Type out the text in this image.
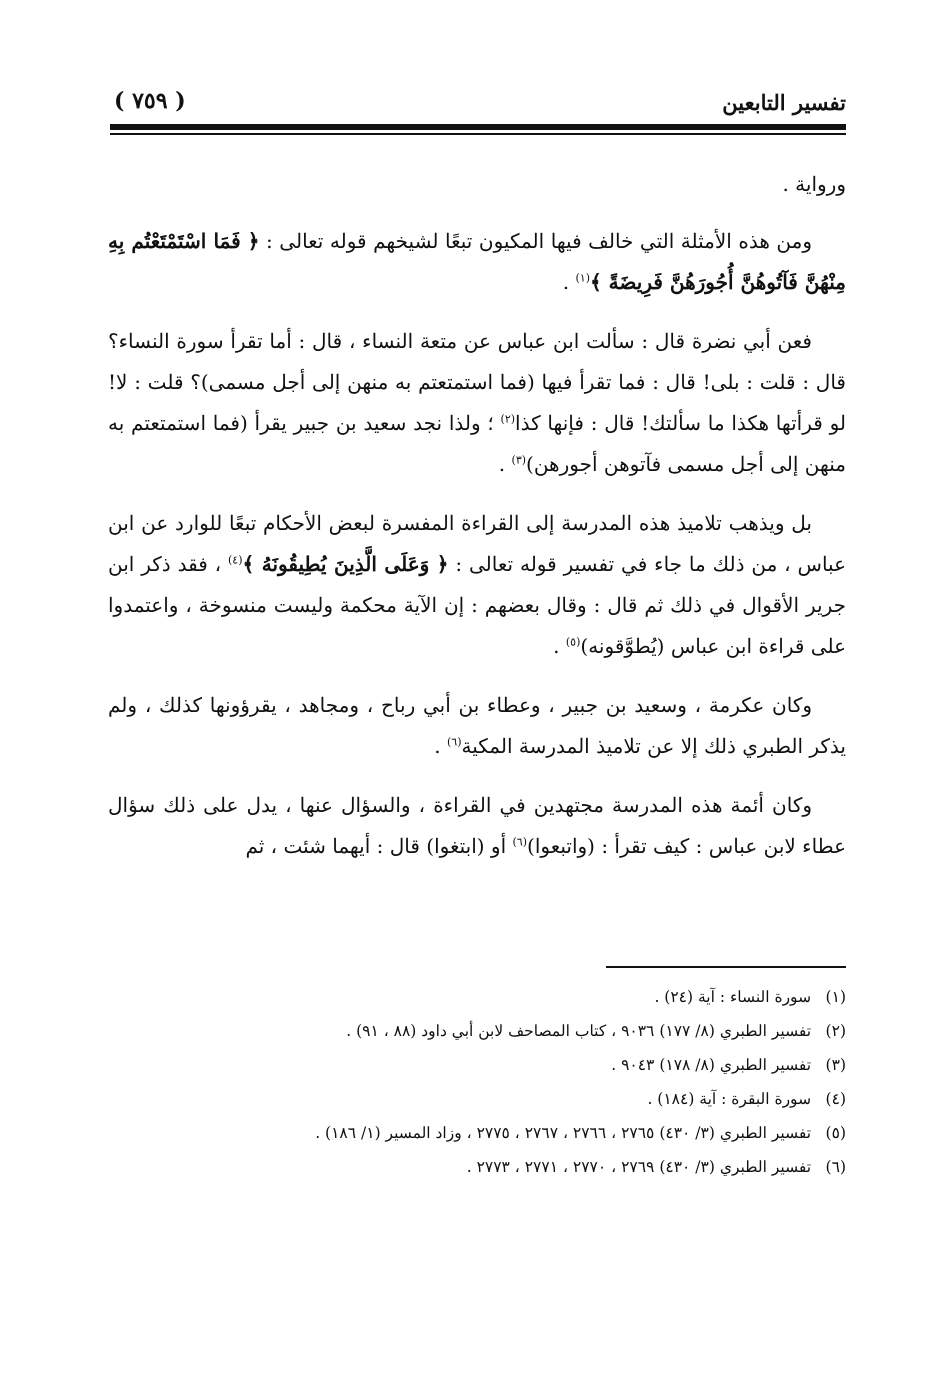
تفسير التابعين
( ٧٥٩ )

ورواية .

ومن هذه الأمثلة التي خالف فيها المكيون تبعًا لشيخهم قوله تعالى : ﴿ فَمَا اسْتَمْتَعْتُم بِهِ مِنْهُنَّ فَآتُوهُنَّ أُجُورَهُنَّ فَرِيضَةً ﴾$^{(١)}$ .

فعن أبي نضرة قال : سألت ابن عباس عن متعة النساء ، قال : أما تقرأ سورة النساء؟ قال : قلت : بلى! قال : فما تقرأ فيها (فما استمتعتم به منهن إلى أجل مسمى)؟ قلت : لا! لو قرأتها هكذا ما سألتك! قال : فإنها كذا$^{(٢)}$ ؛ ولذا نجد سعيد بن جبير يقرأ (فما استمتعتم به منهن إلى أجل مسمى فآتوهن أجورهن)$^{(٣)}$ .

بل ويذهب تلاميذ هذه المدرسة إلى القراءة المفسرة لبعض الأحكام تبعًا للوارد عن ابن عباس ، من ذلك ما جاء في تفسير قوله تعالى : ﴿ وَعَلَى الَّذِينَ يُطِيقُونَهُ ﴾$^{(٤)}$ ، فقد ذكر ابن جرير الأقوال في ذلك ثم قال : وقال بعضهم : إن الآية محكمة وليست منسوخة ، واعتمدوا على قراءة ابن عباس (يُطوَّقونه)$^{(٥)}$ .

وكان عكرمة ، وسعيد بن جبير ، وعطاء بن أبي رباح ، ومجاهد ، يقرؤونها كذلك ، ولم يذكر الطبري ذلك إلا عن تلاميذ المدرسة المكية$^{(٦)}$ .

وكان أئمة هذه المدرسة مجتهدين في القراءة ، والسؤال عنها ، يدل على ذلك سؤال عطاء لابن عباس : كيف تقرأ : (واتبعوا)$^{(٦)}$ أو (ابتغوا) قال : أيهما شئت ، ثم

(١) سورة النساء : آية (٢٤) .
(٢) تفسير الطبري (٨/ ١٧٧) ٩٠٣٦ ، كتاب المصاحف لابن أبي داود (٨٨ ، ٩١) .
(٣) تفسير الطبري (٨/ ١٧٨) ٩٠٤٣ .
(٤) سورة البقرة : آية (١٨٤) .
(٥) تفسير الطبري (٣/ ٤٣٠) ٢٧٦٥ ، ٢٧٦٦ ، ٢٧٦٧ ، ٢٧٧٥ ، وزاد المسير (١/ ١٨٦) .
(٦) تفسير الطبري (٣/ ٤٣٠) ٢٧٦٩ ، ٢٧٧٠ ، ٢٧٧١ ، ٢٧٧٣ .
